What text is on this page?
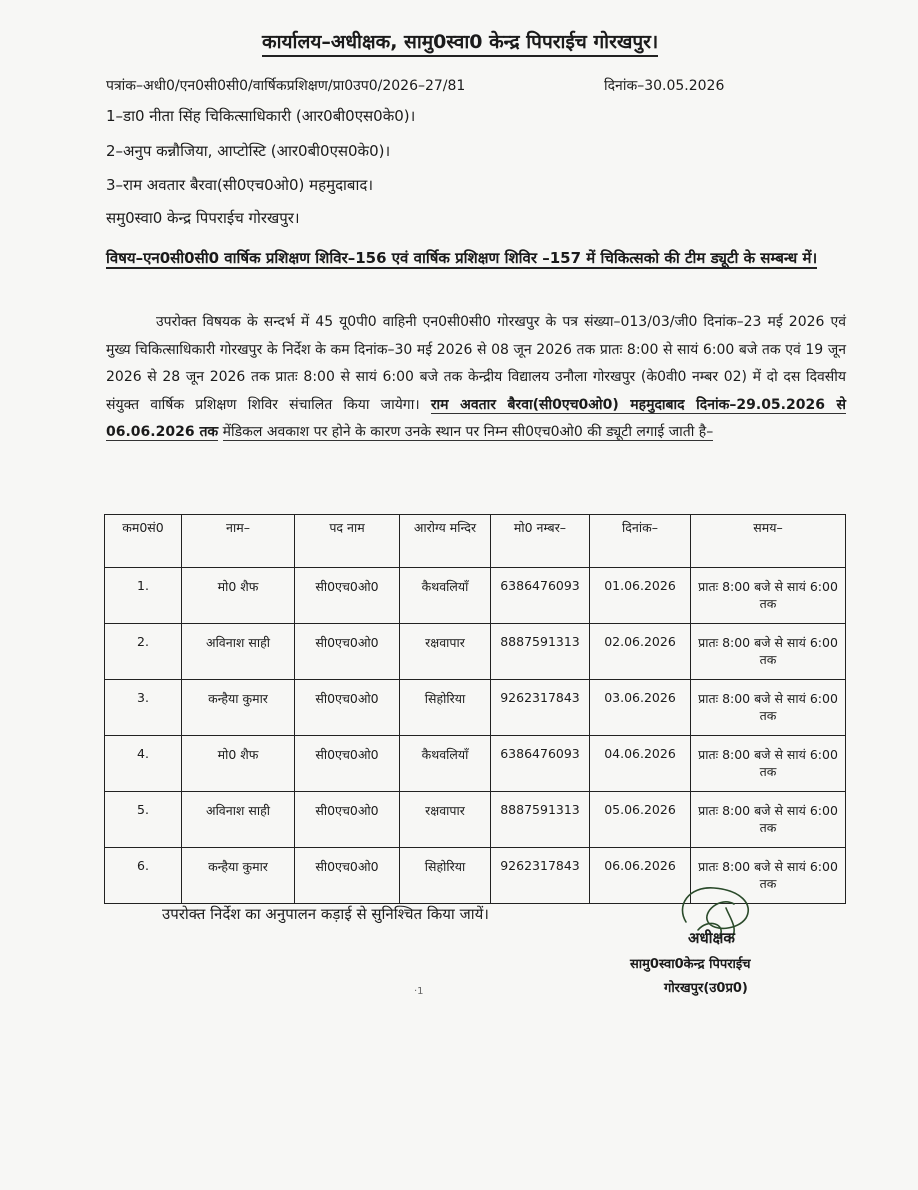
कार्यालय–अधीक्षक, सामु0स्वा0 केन्द्र पिपराईच गोरखपुर।
पत्रांक–अधी0/एन0सी0सी0/वार्षिकप्रशिक्षण/प्रा0उप0/2026–27/81	दिनांक–30.05.2026
1–डा0 नीता सिंह चिकित्साधिकारी (आर0बी0एस0के0)।
2–अनुप कन्नौजिया, आप्टोस्टि (आर0बी0एस0के0)।
3–राम अवतार बैरवा(सी0एच0ओ0) महमुदाबाद।
समु0स्वा0 केन्द्र पिपराईच गोरखपुर।
विषय–एन0सी0सी0 वार्षिक प्रशिक्षण शिविर–156 एवं वार्षिक प्रशिक्षण शिविर –157 में चिकित्सको की टीम ड्यूटी के सम्बन्ध में।
उपरोक्त विषयक के सन्दर्भ में 45 यू0पी0 वाहिनी एन0सी0सी0 गोरखपुर के पत्र संख्या–013/03/जी0 दिनांक–23 मई 2026 एवं मुख्य चिकित्साधिकारी गोरखपुर के निर्देश के कम दिनांक–30 मई 2026 से 08 जून 2026 तक प्रातः 8:00 से सायं 6:00 बजे तक एवं 19 जून 2026 से 28 जून 2026 तक प्रातः 8:00 से सायं 6:00 बजे तक केन्द्रीय विद्यालय उनौला गोरखपुर (के0वी0 नम्बर 02) में दो दस दिवसीय संयुक्त वार्षिक प्रशिक्षण शिविर संचालित किया जायेगा। राम अवतार बैरवा(सी0एच0ओ0) महमुदाबाद दिनांक–29.05.2026 से 06.06.2026 तक मेंडिकल अवकाश पर होने के कारण उनके स्थान पर निम्न सी0एच0ओ0 की ड्यूटी लगाई जाती है–
कम0सं0	नाम–	पद नाम	आरोग्य मन्दिर	मो0 नम्बर–	दिनांक–	समय–
1.	मो0 शैफ	सी0एच0ओ0	कैथवलियाँ	6386476093	01.06.2026	प्रातः 8:00 बजे से सायं 6:00 तक
2.	अविनाश साही	सी0एच0ओ0	रक्षवापार	8887591313	02.06.2026	प्रातः 8:00 बजे से सायं 6:00 तक
3.	कन्हैया कुमार	सी0एच0ओ0	सिहोरिया	9262317843	03.06.2026	प्रातः 8:00 बजे से सायं 6:00 तक
4.	मो0 शैफ	सी0एच0ओ0	कैथवलियाँ	6386476093	04.06.2026	प्रातः 8:00 बजे से सायं 6:00 तक
5.	अविनाश साही	सी0एच0ओ0	रक्षवापार	8887591313	05.06.2026	प्रातः 8:00 बजे से सायं 6:00 तक
6.	कन्हैया कुमार	सी0एच0ओ0	सिहोरिया	9262317843	06.06.2026	प्रातः 8:00 बजे से सायं 6:00 तक
उपरोक्त निर्देश का अनुपालन कड़ाई से सुनिश्चित किया जायें।
अधीक्षक
सामु0स्वा0केन्द्र पिपराईच
गोरखपुर(उ0प्र0)
·1
